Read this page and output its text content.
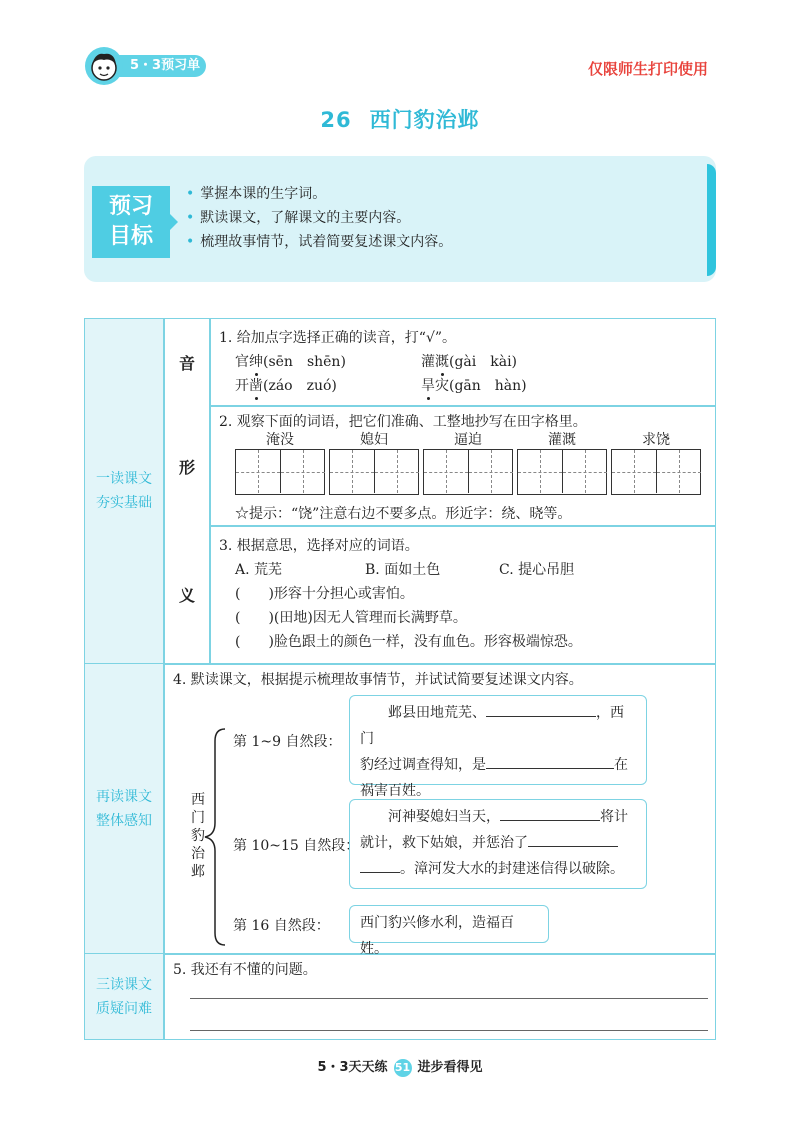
5・3预习单	仅限师生打印使用
26 西门豹治邺
预习
目标
• 掌握本课的生字词。
• 默读课文，了解课文的主要内容。
• 梳理故事情节，试着简要复述课文内容。
一读课文
夯实基础
再读课文
整体感知
三读课文
质疑问难
音
1. 给加点字选择正确的读音，打“√”。
官绅(sēn　shēn)	灌溉(gài　kài)
开凿(záo　zuó)	旱灾(gān　hàn)
形
2. 观察下面的词语，把它们准确、工整地抄写在田字格里。
淹没	媳妇	逼迫	灌溉	求饶
☆提示：“饶”注意右边不要多点。形近字：绕、晓等。
义
3. 根据意思，选择对应的词语。
A. 荒芜	B. 面如土色	C. 提心吊胆
(　　)形容十分担心或害怕。
(　　)(田地)因无人管理而长满野草。
(　　)脸色跟土的颜色一样，没有血色。形容极端惊恐。
4. 默读课文，根据提示梳理故事情节，并试试简要复述课文内容。
西
门
豹
治
邺
第 1~9 自然段：
　　邺县田地荒芜、	，西门
豹经过调查得知，是	在
祸害百姓。
第 10~15 自然段：
　　河神娶媳妇当天，	将计
就计，救下姑娘，并惩治了
。漳河发大水的封建迷信得以破除。
第 16 自然段：	西门豹兴修水利，造福百姓。
5. 我还有不懂的问题。
5・3天天练 51 进步看得见
